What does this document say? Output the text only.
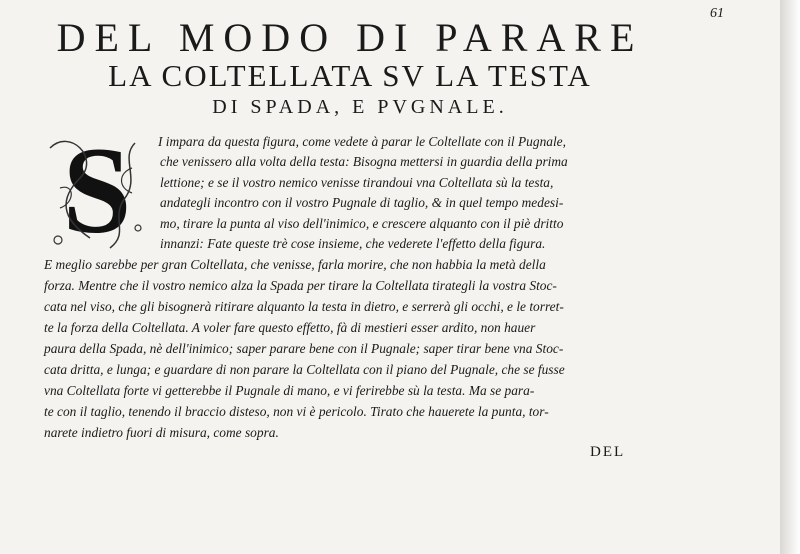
61
DEL MODO DI PARARE
LA COLTELLATA SV LA TESTA
DI SPADA, E PVGNALE.
S	I impara da questa figura, come vedete à parar le Coltellate con il Pugnale,
che venissero alla volta della testa: Bisogna mettersi in guardia della prima
lettione; e se il vostro nemico venisse tirandoui vna Coltellata sù la testa,
andategli incontro con il vostro Pugnale di taglio, & in quel tempo medesi-
mo, tirare la punta al viso dell'inimico, e crescere alquanto con il piè dritto
innanzi: Fate queste trè cose insieme, che vederete l'effetto della figura.
E meglio sarebbe per gran Coltellata, che venisse, farla morire, che non habbia la metà della
forza. Mentre che il vostro nemico alza la Spada per tirare la Coltellata tirategli la vostra Stoc-
cata nel viso, che gli bisognerà ritirare alquanto la testa in dietro, e serrerà gli occhi, e le torret-
te la forza della Coltellata. A voler fare questo effetto, fà di mestieri esser ardito, non hauer
paura della Spada, nè dell'inimico; saper parare bene con il Pugnale; saper tirar bene vna Stoc-
cata dritta, e lunga; e guardare di non parare la Coltellata con il piano del Pugnale, che se fusse
vna Coltellata forte vi getterebbe il Pugnale di mano, e vi ferirebbe sù la testa. Ma se para-
te con il taglio, tenendo il braccio disteso, non vi è pericolo. Tirato che hauerete la punta, tor-
narete indietro fuori di misura, come sopra.
DEL
